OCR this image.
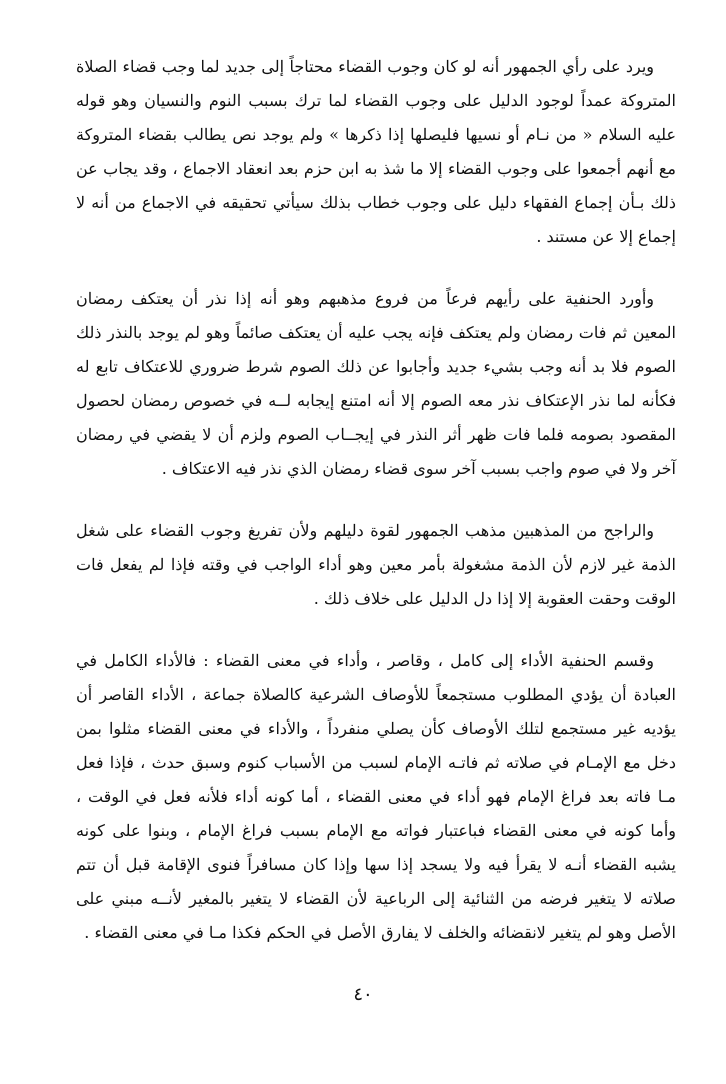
ويرد على رأي الجمهور أنه لو كان وجوب القضاء محتاجاً إلى جديد لما وجب قضاء الصلاة المتروكة عمداً لوجود الدليل على وجوب القضاء لما ترك بسبب النوم والنسيان وهو قوله عليه السلام « من نـام أو نسيها فليصلها إذا ذكرها » ولم يوجد نص يطالب بقضاء المتروكة مع أنهم أجمعوا على وجوب القضاء إلا ما شذ به ابن حزم بعد انعقاد الاجماع ، وقد يجاب عن ذلك بـأن إجماع الفقهاء دليل على وجوب خطاب بذلك سيأتي تحقيقه في الاجماع من أنه لا إجماع إلا عن مستند .

وأورد الحنفية على رأيهم فرعاً من فروع مذهبهم وهو أنه إذا نذر أن يعتكف رمضان المعين ثم فات رمضان ولم يعتكف فإنه يجب عليه أن يعتكف صائماً وهو لم يوجد بالنذر ذلك الصوم فلا بد أنه وجب بشيء جديد وأجابوا عن ذلك الصوم شرط ضروري للاعتكاف تابع له فكأنه لما نذر الإعتكاف نذر معه الصوم إلا أنه امتنع إيجابه لــه في خصوص رمضان لحصول المقصود بصومه فلما فات ظهر أثر النذر في إيجــاب الصوم ولزم أن لا يقضي في رمضان آخر ولا في صوم واجب بسبب آخر سوى قضاء رمضان الذي نذر فيه الاعتكاف .

والراجح من المذهبين مذهب الجمهور لقوة دليلهم ولأن تفريغ وجوب القضاء على شغل الذمة غير لازم لأن الذمة مشغولة بأمر معين وهو أداء الواجب في وقته فإذا لم يفعل فات الوقت وحقت العقوبة إلا إذا دل الدليل على خلاف ذلك .

وقسم الحنفية الأداء إلى كامل ، وقاصر ، وأداء في معنى القضاء : فالأداء الكامل في العبادة أن يؤدي المطلوب مستجمعاً للأوصاف الشرعية كالصلاة جماعة ، الأداء القاصر أن يؤديه غير مستجمع لتلك الأوصاف كأن يصلي منفرداً ، والأداء في معنى القضاء مثلوا بمن دخل مع الإمـام في صلاته ثم فاتـه الإمام لسبب من الأسباب كنوم وسبق حدث ، فإذا فعل مـا فاته بعد فراغ الإمام فهو أداء في معنى القضاء ، أما كونه أداء فلأنه فعل في الوقت ، وأما كونه في معنى القضاء فباعتبار فواته مع الإمام بسبب فراغ الإمام ، وبنوا على كونه يشبه القضاء أنـه لا يقرأ فيه ولا يسجد إذا سها وإذا كان مسافراً فنوى الإقامة قبل أن تتم صلاته لا يتغير فرضه من الثنائية إلى الرباعية لأن القضاء لا يتغير بالمغير لأنــه مبني على الأصل وهو لم يتغير لانقضائه والخلف لا يفارق الأصل في الحكم فكذا مـا في معنى القضاء .

٤٠
